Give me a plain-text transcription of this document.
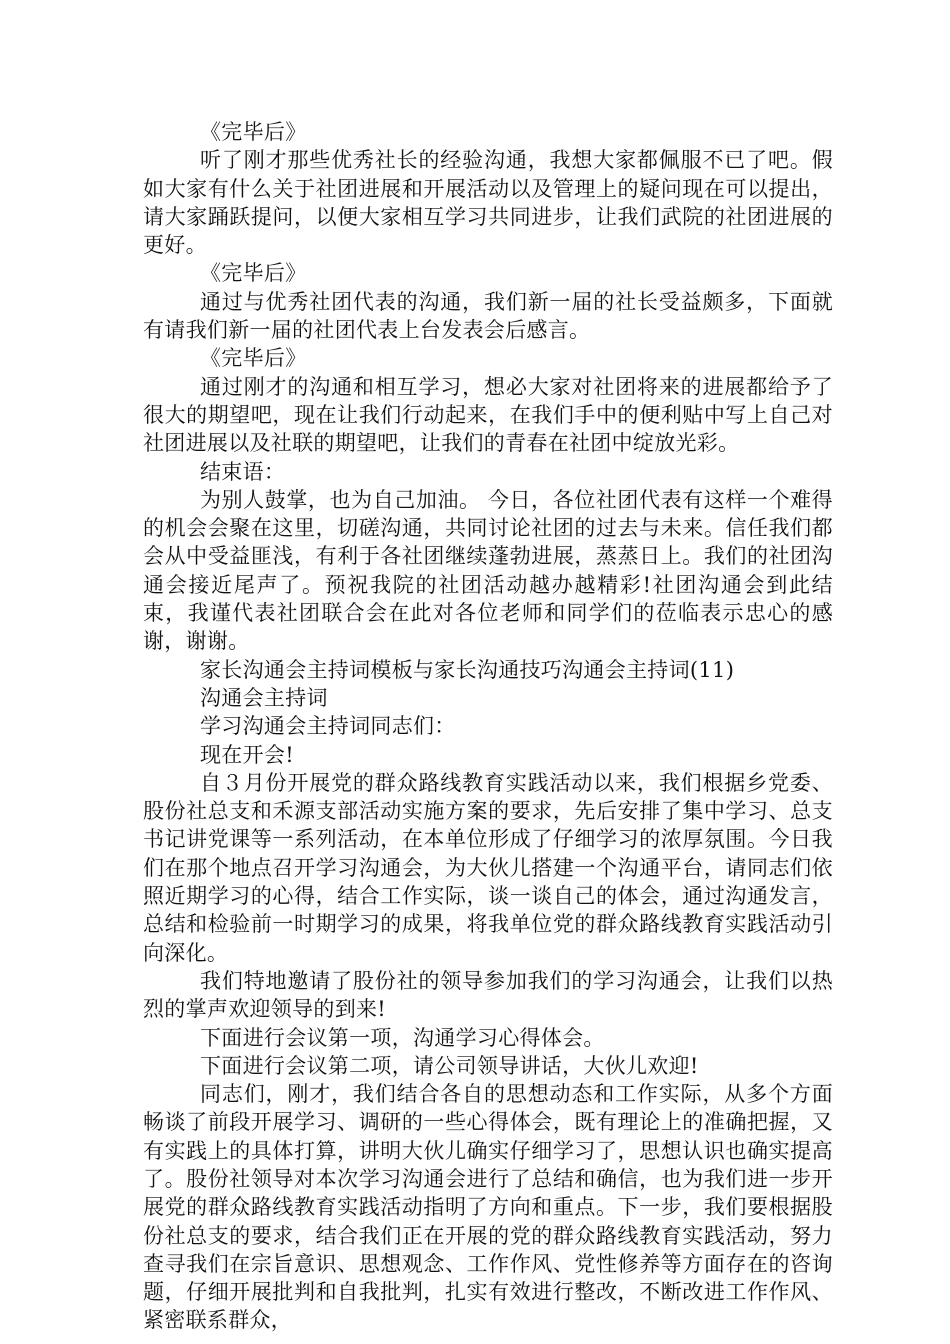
《完毕后》

听了刚才那些优秀社长的经验沟通，我想大家都佩服不已了吧。假如大家有什么关于社团进展和开展活动以及管理上的疑问现在可以提出，请大家踊跃提问，以便大家相互学习共同进步，让我们武院的社团进展的更好。

《完毕后》

通过与优秀社团代表的沟通，我们新一届的社长受益颇多，下面就有请我们新一届的社团代表上台发表会后感言。

《完毕后》

通过刚才的沟通和相互学习，想必大家对社团将来的进展都给予了很大的期望吧，现在让我们行动起来，在我们手中的便利贴中写上自己对社团进展以及社联的期望吧，让我们的青春在社团中绽放光彩。

结束语：

为别人鼓掌，也为自己加油。 今日，各位社团代表有这样一个难得的机会会聚在这里，切磋沟通，共同讨论社团的过去与未来。信任我们都会从中受益匪浅，有利于各社团继续蓬勃进展，蒸蒸日上。我们的社团沟通会接近尾声了。预祝我院的社团活动越办越精彩!社团沟通会到此结束，我谨代表社团联合会在此对各位老师和同学们的莅临表示忠心的感谢，谢谢。

家长沟通会主持词模板与家长沟通技巧沟通会主持词(11)

沟通会主持词

学习沟通会主持词同志们：

现在开会!

自３月份开展党的群众路线教育实践活动以来，我们根据乡党委、股份社总支和禾源支部活动实施方案的要求，先后安排了集中学习、总支书记讲党课等一系列活动，在本单位形成了仔细学习的浓厚氛围。今日我们在那个地点召开学习沟通会，为大伙儿搭建一个沟通平台，请同志们依照近期学习的心得，结合工作实际，谈一谈自己的体会，通过沟通发言，总结和检验前一时期学习的成果，将我单位党的群众路线教育实践活动引向深化。

我们特地邀请了股份社的领导参加我们的学习沟通会，让我们以热烈的掌声欢迎领导的到来!

下面进行会议第一项，沟通学习心得体会。

下面进行会议第二项，请公司领导讲话，大伙儿欢迎!

同志们，刚才，我们结合各自的思想动态和工作实际，从多个方面畅谈了前段开展学习、调研的一些心得体会，既有理论上的准确把握，又有实践上的具体打算，讲明大伙儿确实仔细学习了，思想认识也确实提高了。股份社领导对本次学习沟通会进行了总结和确信，也为我们进一步开展党的群众路线教育实践活动指明了方向和重点。下一步，我们要根据股份社总支的要求，结合我们正在开展的党的群众路线教育实践活动，努力查寻我们在宗旨意识、思想观念、工作作风、党性修养等方面存在的咨询题，仔细开展批判和自我批判，扎实有效进行整改，不断改进工作作风、紧密联系群众，
